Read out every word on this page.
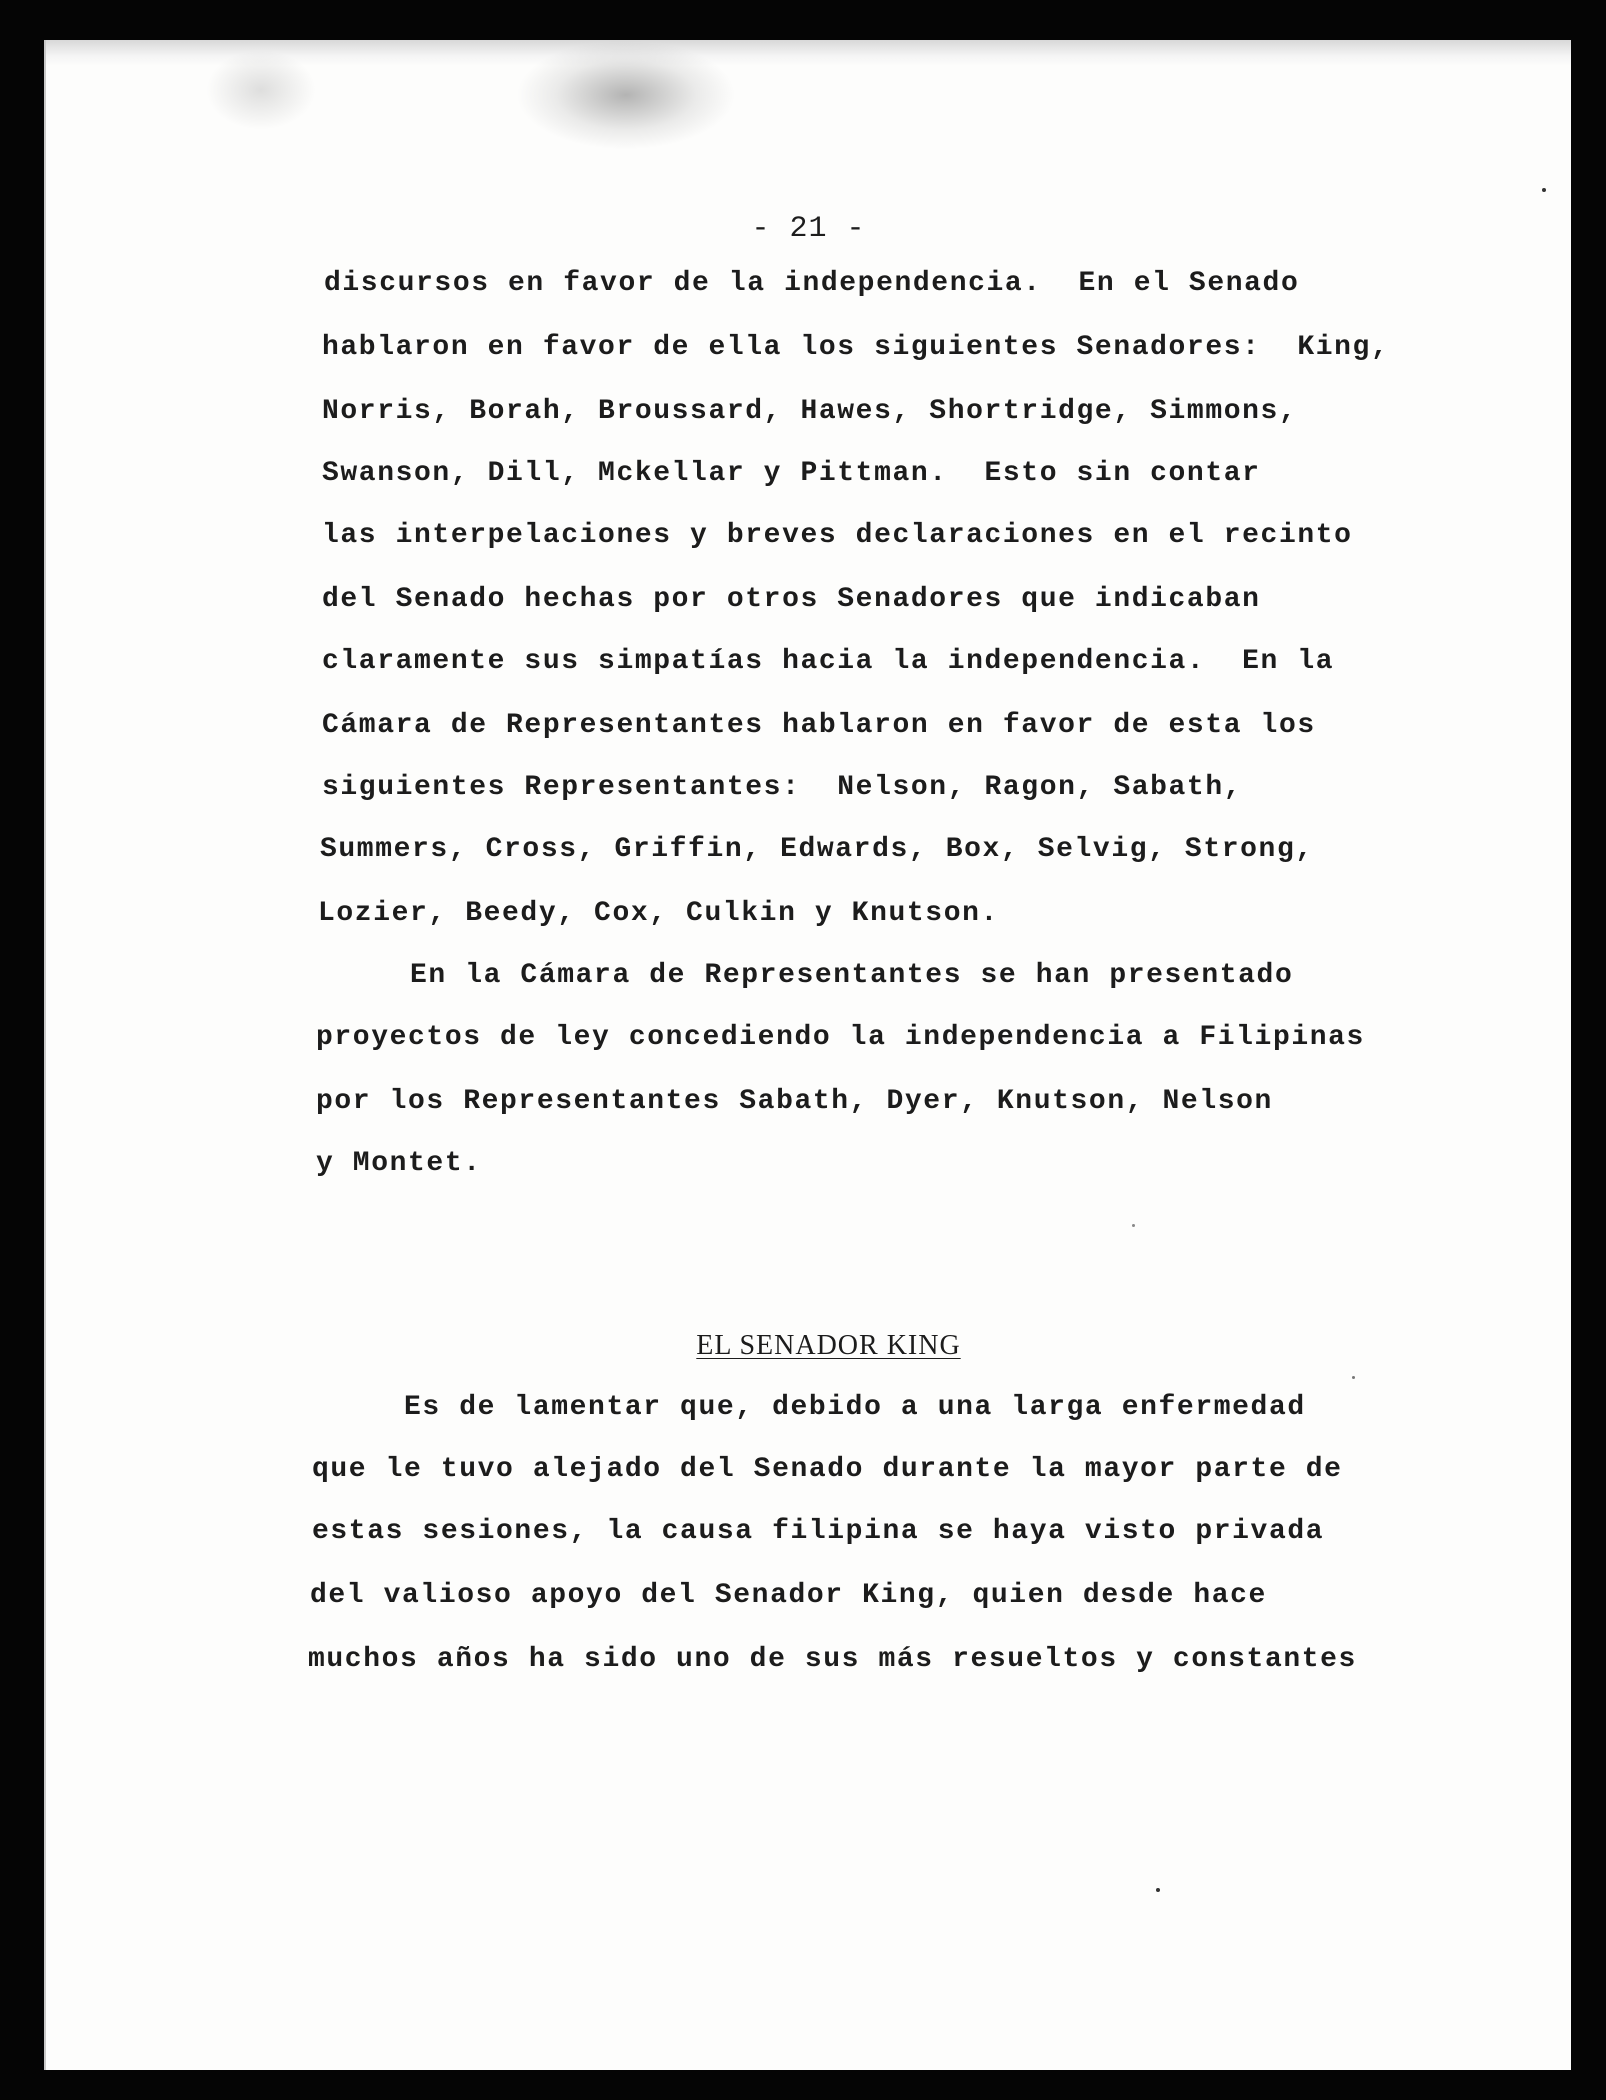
- 21 -
discursos en favor de la independencia.  En el Senado
hablaron en favor de ella los siguientes Senadores:  King,
Norris, Borah, Broussard, Hawes, Shortridge, Simmons,
Swanson, Dill, Mckellar y Pittman.  Esto sin contar
las interpelaciones y breves declaraciones en el recinto
del Senado hechas por otros Senadores que indicaban
claramente sus simpatías hacia la independencia.  En la
Cámara de Representantes hablaron en favor de esta los
siguientes Representantes:  Nelson, Ragon, Sabath,
Summers, Cross, Griffin, Edwards, Box, Selvig, Strong,
Lozier, Beedy, Cox, Culkin y Knutson.
En la Cámara de Representantes se han presentado
proyectos de ley concediendo la independencia a Filipinas
por los Representantes Sabath, Dyer, Knutson, Nelson
y Montet.
EL SENADOR KING
Es de lamentar que, debido a una larga enfermedad
que le tuvo alejado del Senado durante la mayor parte de
estas sesiones, la causa filipina se haya visto privada
del valioso apoyo del Senador King, quien desde hace
muchos años ha sido uno de sus más resueltos y constantes
